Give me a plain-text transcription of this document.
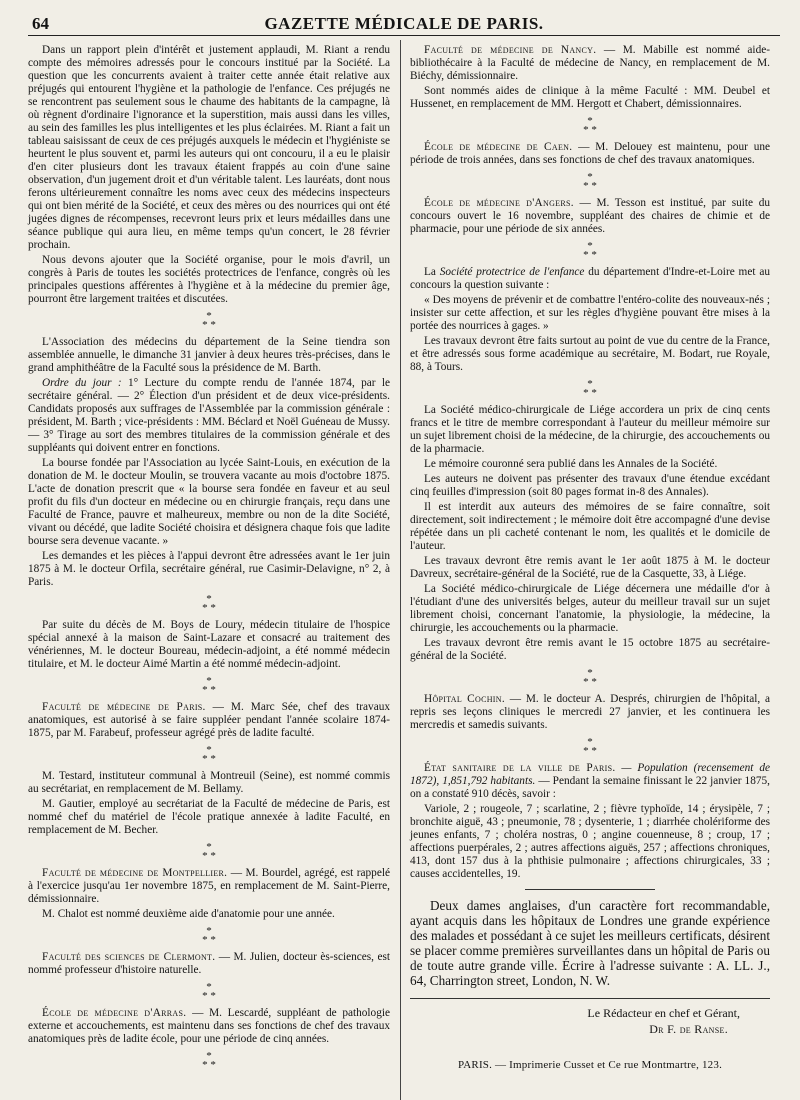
64	GAZETTE MÉDICALE DE PARIS.

Dans un rapport plein d'intérêt et justement applaudi, M. Riant a rendu compte des mémoires adressés pour le concours institué par la Société. La question que les concurrents avaient à traiter cette année était relative aux préjugés qui entourent l'hygiène et la pathologie de l'enfance. Ces préjugés ne se rencontrent pas seulement sous le chaume des habitants de la campagne, là où règnent d'ordinaire l'ignorance et la superstition, mais aussi dans les villes, au sein des familles les plus intelligentes et les plus éclairées. M. Riant a fait un tableau saisissant de ceux de ces préjugés auxquels le médecin et l'hygiéniste se heurtent le plus souvent et, parmi les auteurs qui ont concouru, il a eu le plaisir d'en citer plusieurs dont les travaux étaient frappés au coin d'une saine observation, d'un jugement droit et d'un véritable talent. Les lauréats, dont nous ferons ultérieurement connaître les noms avec ceux des médecins inspecteurs qui ont bien mérité de la Société, et ceux des mères ou des nourrices qui ont été jugées dignes de récompenses, recevront leurs prix et leurs médailles dans une séance publique qui aura lieu, en même temps qu'un concert, le 28 février prochain.

Nous devons ajouter que la Société organise, pour le mois d'avril, un congrès à Paris de toutes les sociétés protectrices de l'enfance, congrès où les principales questions afférentes à l'hygiène et à la médecine du premier âge, pourront être largement traitées et discutées.

*
* *

L'Association des médecins du département de la Seine tiendra son assemblée annuelle, le dimanche 31 janvier à deux heures très-précises, dans le grand amphithéâtre de la Faculté sous la présidence de M. Barth.

Ordre du jour : 1° Lecture du compte rendu de l'année 1874, par le secrétaire général. — 2° Élection d'un président et de deux vice-présidents. Candidats proposés aux suffrages de l'Assemblée par la commission générale : président, M. Barth ; vice-présidents : MM. Béclard et Noël Guéneau de Mussy. — 3° Tirage au sort des membres titulaires de la commission générale et des suppléants qui doivent entrer en fonctions.

La bourse fondée par l'Association au lycée Saint-Louis, en exécution de la donation de M. le docteur Moulin, se trouvera vacante au mois d'octobre 1875. L'acte de donation prescrit que « la bourse sera fondée en faveur et au seul profit du fils d'un docteur en médecine ou en chirurgie français, reçu dans une Faculté de France, pauvre et malheureux, membre ou non de la dite Société, vivant ou décédé, que ladite Société choisira et désignera chaque fois que ladite bourse sera devenue vacante. »

Les demandes et les pièces à l'appui devront être adressées avant le 1er juin 1875 à M. le docteur Orfila, secrétaire général, rue Casimir-Delavigne, n° 2, à Paris.

*
* *

Par suite du décès de M. Boys de Loury, médecin titulaire de l'hospice spécial annexé à la maison de Saint-Lazare et consacré au traitement des vénériennes, M. le docteur Boureau, médecin-adjoint, a été nommé médecin titulaire, et M. le docteur Aimé Martin a été nommé médecin-adjoint.

*
* *

Faculté de médecine de Paris. — M. Marc Sée, chef des travaux anatomiques, est autorisé à se faire suppléer pendant l'année scolaire 1874-1875, par M. Farabeuf, professeur agrégé près de ladite faculté.

*
* *

M. Testard, instituteur communal à Montreuil (Seine), est nommé commis au secrétariat, en remplacement de M. Bellamy.

M. Gautier, employé au secrétariat de la Faculté de médecine de Paris, est nommé chef du matériel de l'école pratique annexée à ladite Faculté, en remplacement de M. Becher.

*
* *

Faculté de médecine de Montpellier. — M. Bourdel, agrégé, est rappelé à l'exercice jusqu'au 1er novembre 1875, en remplacement de M. Saint-Pierre, démissionnaire.

M. Chalot est nommé deuxième aide d'anatomie pour une année.

*
* *

Faculté des sciences de Clermont. — M. Julien, docteur ès-sciences, est nommé professeur d'histoire naturelle.

*
* *

École de médecine d'Arras. — M. Lescardé, suppléant de pathologie externe et accouchements, est maintenu dans ses fonctions de chef des travaux anatomiques près de ladite école, pour une période de cinq années.

*
* *

Faculté de médecine de Nancy. — M. Mabille est nommé aide-bibliothécaire à la Faculté de médecine de Nancy, en remplacement de M. Biéchy, démissionnaire.

Sont nommés aides de clinique à la même Faculté : MM. Deubel et Hussenet, en remplacement de MM. Hergott et Chabert, démissionnaires.

*
* *

École de médecine de Caen. — M. Delouey est maintenu, pour une période de trois années, dans ses fonctions de chef des travaux anatomiques.

*
* *

École de médecine d'Angers. — M. Tesson est institué, par suite du concours ouvert le 16 novembre, suppléant des chaires de chimie et de pharmacie, pour une période de six années.

*
* *

La Société protectrice de l'enfance du département d'Indre-et-Loire met au concours la question suivante :

« Des moyens de prévenir et de combattre l'entéro-colite des nouveaux-nés ; insister sur cette affection, et sur les règles d'hygiène pouvant être mises à la portée des nourrices à gages. »

Les travaux devront être faits surtout au point de vue du centre de la France, et être adressés sous forme académique au secrétaire, M. Bodart, rue Royale, 88, à Tours.

*
* *

La Société médico-chirurgicale de Liége accordera un prix de cinq cents francs et le titre de membre correspondant à l'auteur du meilleur mémoire sur un sujet librement choisi de la médecine, de la chirurgie, des accouchements ou de la pharmacie.

Le mémoire couronné sera publié dans les Annales de la Société.

Les auteurs ne doivent pas présenter des travaux d'une étendue excédant cinq feuilles d'impression (soit 80 pages format in-8 des Annales).

Il est interdit aux auteurs des mémoires de se faire connaître, soit directement, soit indirectement ; le mémoire doit être accompagné d'une devise répétée dans un pli cacheté contenant le nom, les qualités et le domicile de l'auteur.

Les travaux devront être remis avant le 1er août 1875 à M. le docteur Davreux, secrétaire-général de la Société, rue de la Casquette, 33, à Liége.

La Société médico-chirurgicale de Liége décernera une médaille d'or à l'étudiant d'une des universités belges, auteur du meilleur travail sur un sujet librement choisi, concernant l'anatomie, la physiologie, la médecine, la chirurgie, les accouchements ou la pharmacie.

Les travaux devront être remis avant le 15 octobre 1875 au secrétaire-général de la Société.

*
* *

Hôpital Cochin. — M. le docteur A. Després, chirurgien de l'hôpital, a repris ses leçons cliniques le mercredi 27 janvier, et les continuera les mercredis et samedis suivants.

*
* *

État sanitaire de la ville de Paris. — Population (recensement de 1872), 1,851,792 habitants. — Pendant la semaine finissant le 22 janvier 1875, on a constaté 910 décès, savoir :

Variole, 2 ; rougeole, 7 ; scarlatine, 2 ; fièvre typhoïde, 14 ; érysipèle, 7 ; bronchite aiguë, 43 ; pneumonie, 78 ; dysenterie, 1 ; diarrhée cholériforme des jeunes enfants, 7 ; choléra nostras, 0 ; angine couenneuse, 8 ; croup, 17 ; affections puerpérales, 2 ; autres affections aiguës, 257 ; affections chroniques, 413, dont 157 dus à la phthisie pulmonaire ; affections chirurgicales, 33 ; causes accidentelles, 19.

Deux dames anglaises, d'un caractère fort recommandable, ayant acquis dans les hôpitaux de Londres une grande expérience des malades et possédant à ce sujet les meilleurs certificats, désirent se placer comme premières surveillantes dans un hôpital de Paris ou de toute autre grande ville. Écrire à l'adresse suivante : A. LL. J., 64, Charrington street, London, N. W.

Le Rédacteur en chef et Gérant,
Dr F. de Ranse.
PARIS. — Imprimerie Cusset et Ce rue Montmartre, 123.
